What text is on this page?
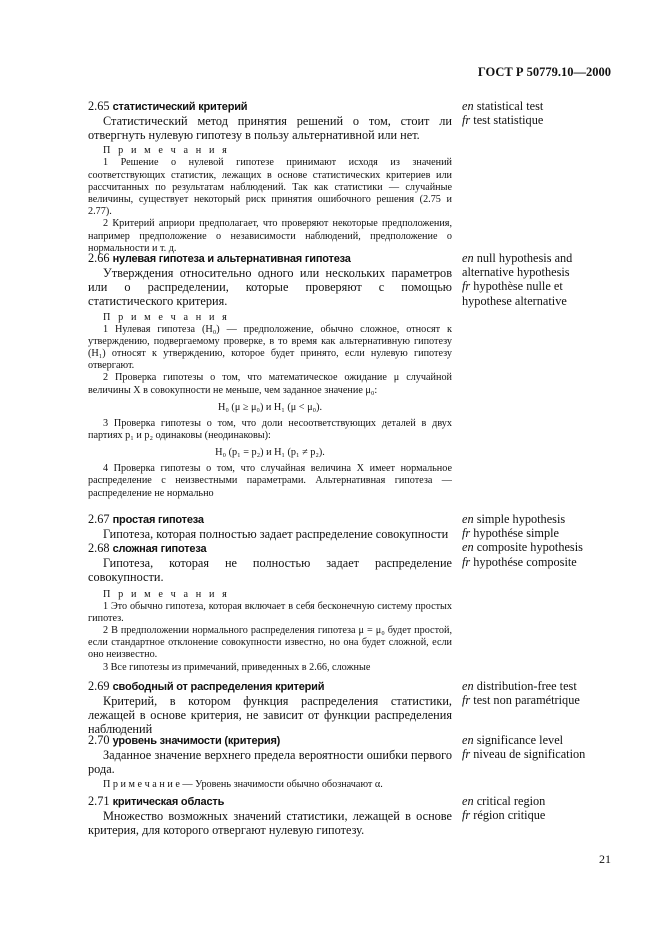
ГОСТ Р 50779.10—2000
2.65 статистический критерий

Статистический метод принятия решений о том, стоит ли отвергнуть нулевую гипотезу в пользу альтернативной или нет.

П р и м е ч а н и я

1 Решение о нулевой гипотезе принимают исходя из значений соответствующих статистик, лежащих в основе статистических критериев или рассчитанных по результатам наблюдений. Так как статистики — случайные величины, существует некоторый риск принятия ошибочного решения (2.75 и 2.77).

2 Критерий априори предполагает, что проверяют некоторые предположения, например предположение о независимости наблюдений, предположение о нормальности и т. д.

en statistical test
fr test statistique
2.66 нулевая гипотеза и альтернативная гипотеза

Утверждения относительно одного или нескольких параметров или о распределении, которые проверяют с помощью статистического критерия.

П р и м е ч а н и я

1 Нулевая гипотеза (H₀) — предположение, обычно сложное, относят к утверждению, подвергаемому проверке, в то время как альтернативную гипотезу (H₁) относят к утверждению, которое будет принято, если нулевую гипотезу отвергают.

2 Проверка гипотезы о том, что математическое ожидание μ случайной величины X в совокупности не меньше, чем заданное значение μ₀:

H₀ (μ ≥ μ₀) и H₁ (μ < μ₀).

3 Проверка гипотезы о том, что доли несоответствующих деталей в двух партиях p₁ и p₂ одинаковы (неодинаковы):

H₀ (p₁ = p₂) и H₁ (p₁ ≠ p₂).

4 Проверка гипотезы о том, что случайная величина X имеет нормальное распределение с неизвестными параметрами. Альтернативная гипотеза — распределение не нормально

en null hypothesis and
alternative hypothesis
fr hypothèse nulle et
hypothese alternative
2.67 простая гипотеза

Гипотеза, которая полностью задает распределение совокупности

2.68 сложная гипотеза

Гипотеза, которая не полностью задает распределение совокупности.

П р и м е ч а н и я

1 Это обычно гипотеза, которая включает в себя бесконечную систему простых гипотез.

2 В предположении нормального распределения гипотеза μ = μ₀ будет простой, если стандартное отклонение совокупности известно, но она будет сложной, если оно неизвестно.

3 Все гипотезы из примечаний, приведенных в 2.66, сложные

en simple hypothesis
fr hypothése simple
en composite hypothesis
fr hypothése composite
2.69 свободный от распределения критерий

Критерий, в котором функция распределения статистики, лежащей в основе критерия, не зависит от функции распределения наблюдений

en distribution-free test
fr test non paramétrique
2.70 уровень значимости (критерия)

Заданное значение верхнего предела вероятности ошибки первого рода.

П р и м е ч а н и е — Уровень значимости обычно обозначают α.

en significance level
fr niveau de signification
2.71 критическая область

Множество возможных значений статистики, лежащей в основе критерия, для которого отвергают нулевую гипотезу.

en critical region
fr région critique
21
